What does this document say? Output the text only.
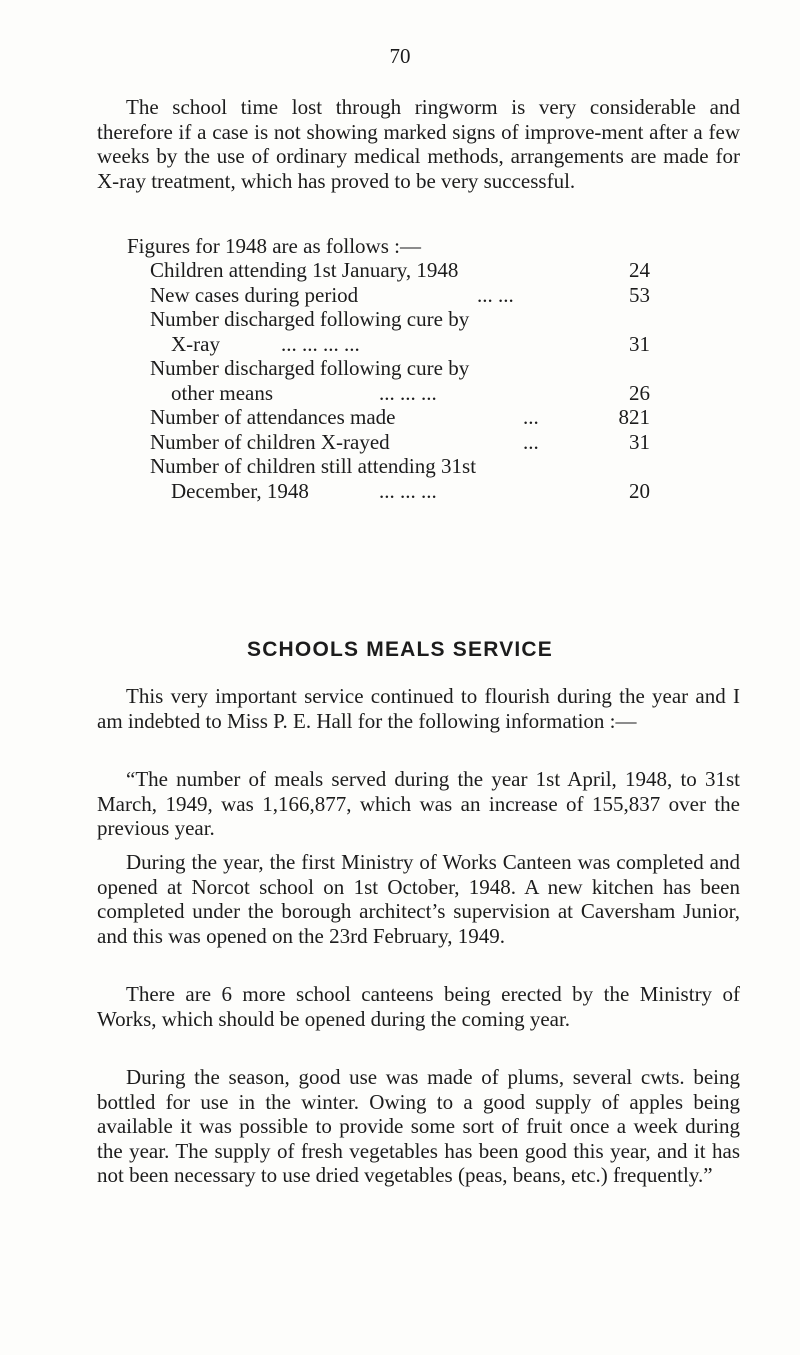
70

The school time lost through ringworm is very considerable and therefore if a case is not showing marked signs of improve-ment after a few weeks by the use of ordinary medical methods, arrangements are made for X-ray treatment, which has proved to be very successful.

Figures for 1948 are as follows :—

Children attending 1st January, 1948	24
New cases during period	... ...	53
Number discharged following cure by
X-ray	... ... ... ...	31
Number discharged following cure by
other means	... ... ...	26
Number of attendances made	...	821
Number of children X-rayed	...	31
Number of children still attending 31st
December, 1948	... ... ...	20
SCHOOLS MEALS SERVICE

This very important service continued to flourish during the year and I am indebted to Miss P. E. Hall for the following information :—

“The number of meals served during the year 1st April, 1948, to 31st March, 1949, was 1,166,877, which was an increase of 155,837 over the previous year.

During the year, the first Ministry of Works Canteen was completed and opened at Norcot school on 1st October, 1948. A new kitchen has been completed under the borough architect’s supervision at Caversham Junior, and this was opened on the 23rd February, 1949.

There are 6 more school canteens being erected by the Ministry of Works, which should be opened during the coming year.

During the season, good use was made of plums, several cwts. being bottled for use in the winter. Owing to a good supply of apples being available it was possible to provide some sort of fruit once a week during the year. The supply of fresh vegetables has been good this year, and it has not been necessary to use dried vegetables (peas, beans, etc.) frequently.”
